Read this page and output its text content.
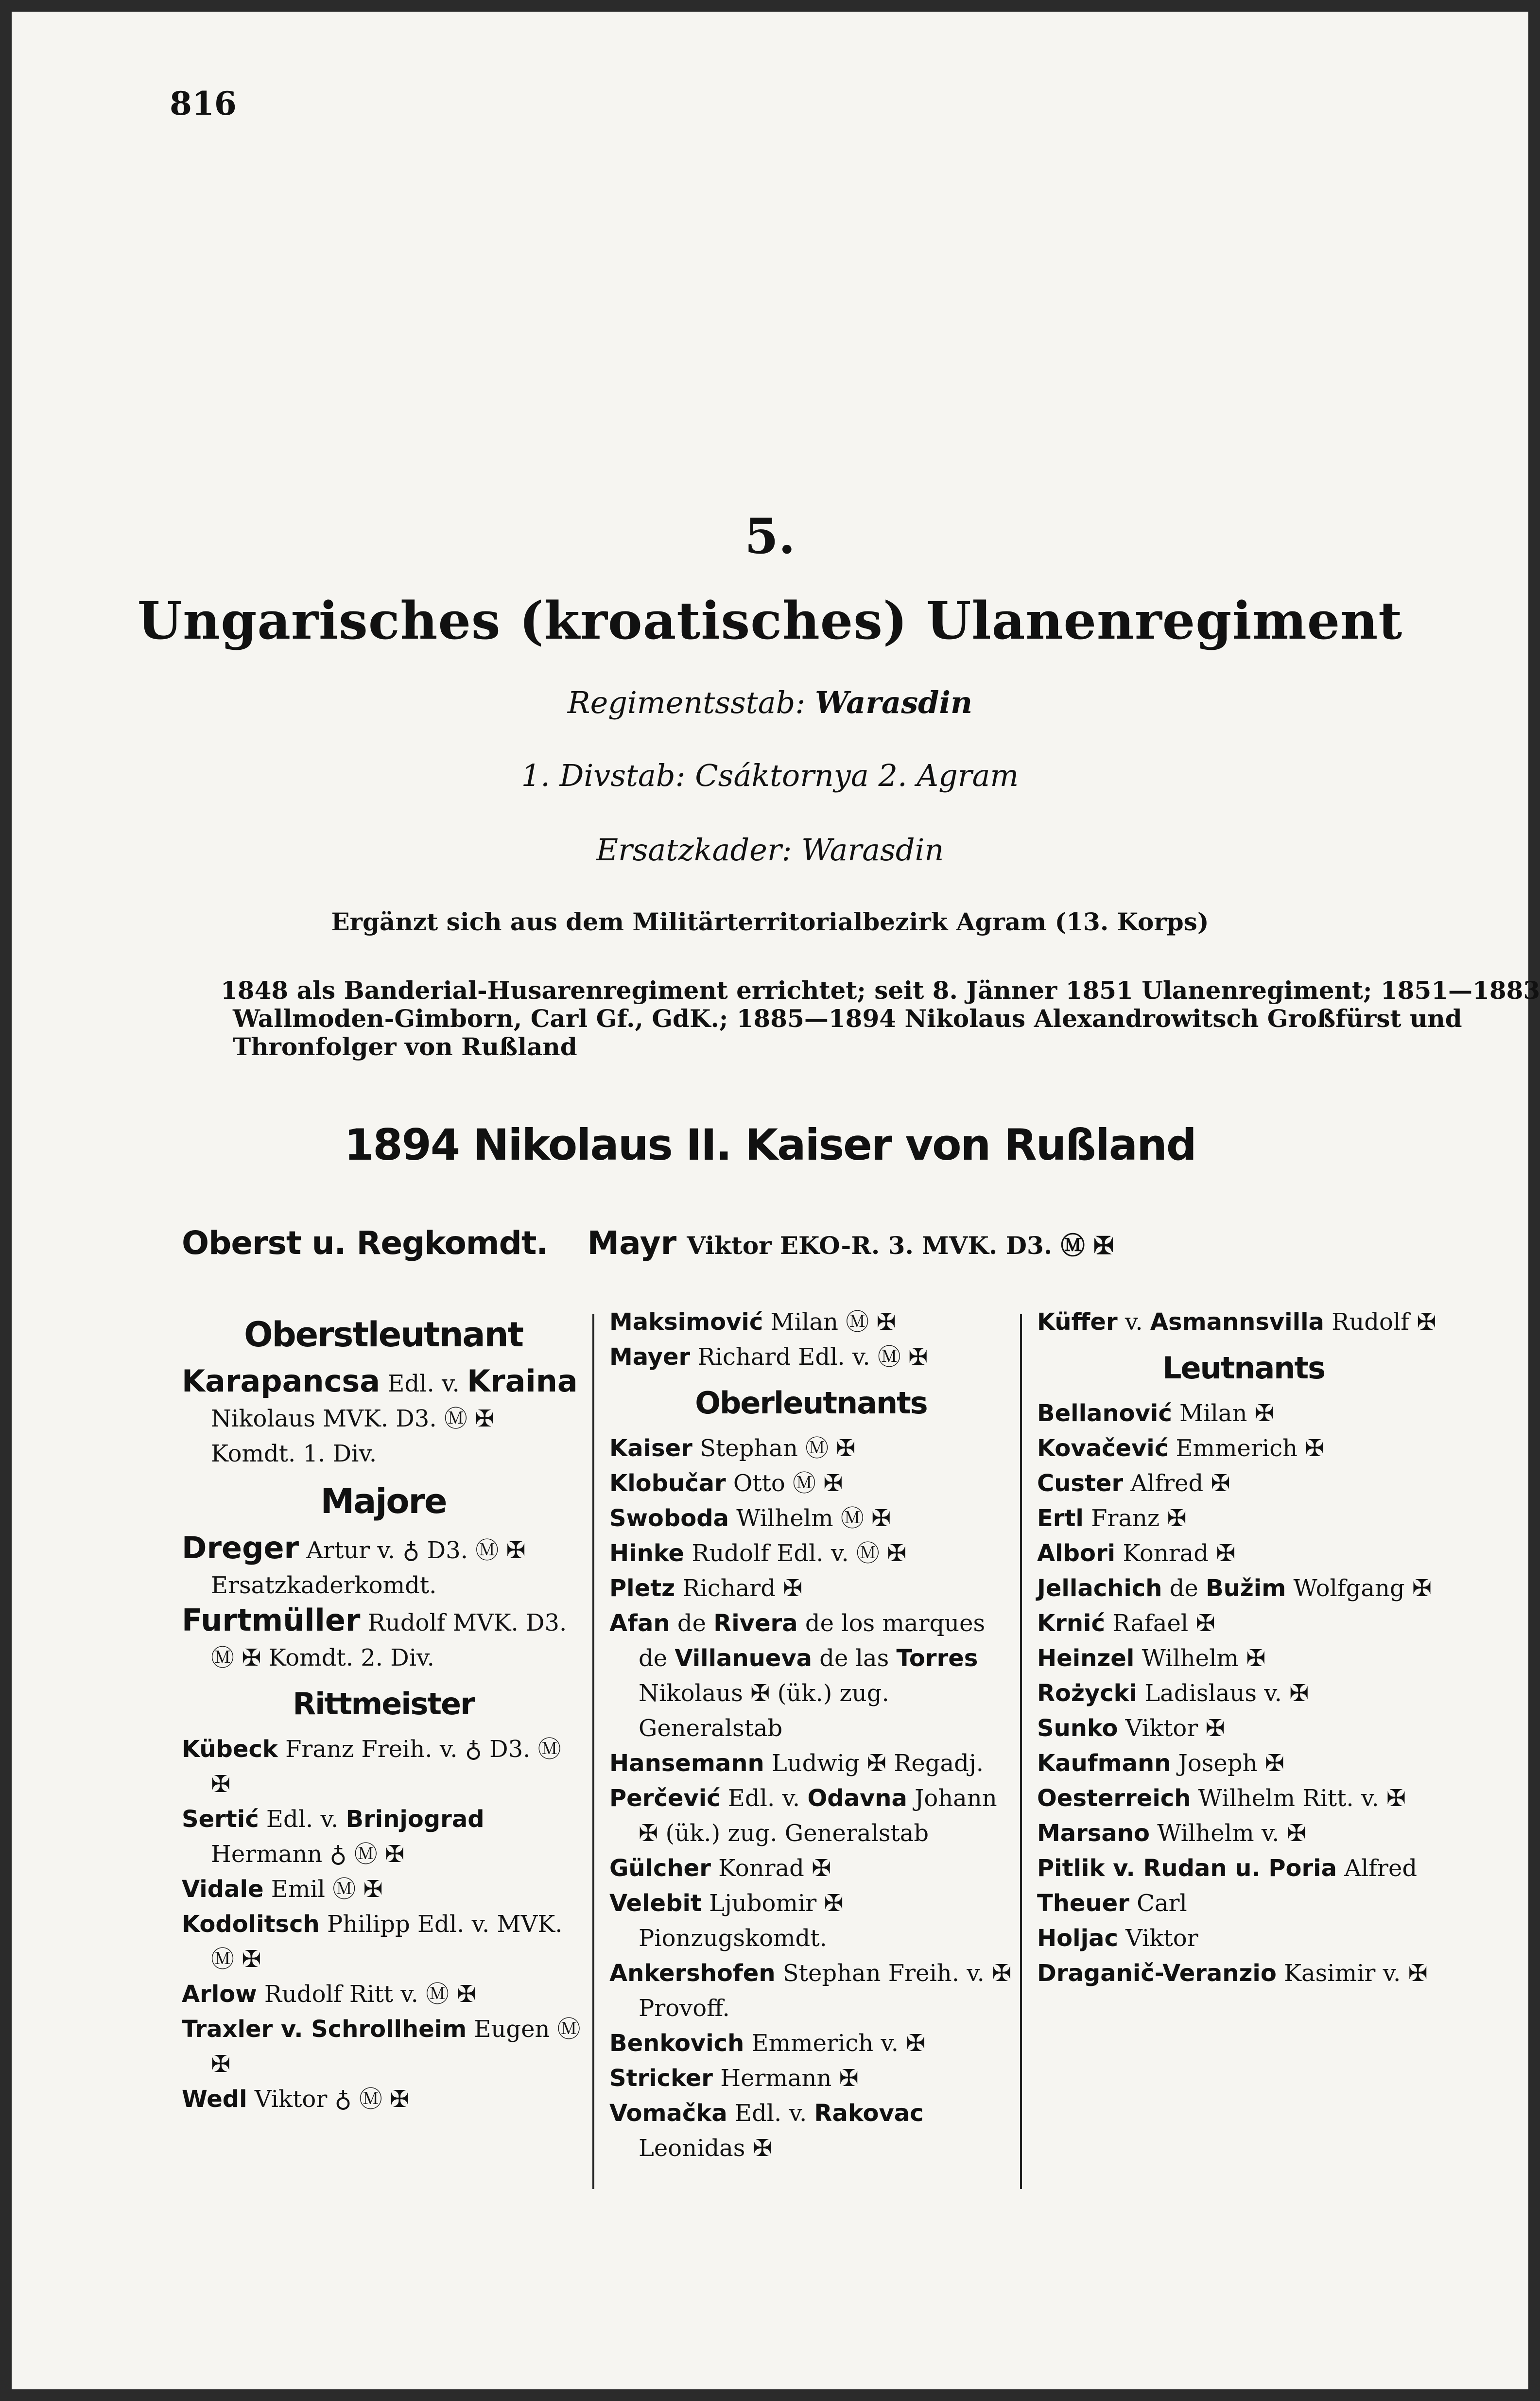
816
5.
Ungarisches (kroatisches) Ulanenregiment
Regimentsstab: Warasdin
1. Divstab: Csáktornya 2. Agram
Ersatzkader: Warasdin
Ergänzt sich aus dem Militärterritorialbezirk Agram (13. Korps)
1848 als Banderial-Husarenregiment errichtet; seit 8. Jänner 1851 Ulanenregiment; 1851—1883
Wallmoden-Gimborn, Carl Gf., GdK.; 1885—1894 Nikolaus Alexandrowitsch Großfürst und
Thronfolger von Rußland
1894 Nikolaus II. Kaiser von Rußland
Oberst u. Regkomdt. Mayr Viktor EKO-R. 3. MVK. D3. Ⓜ ✠
Oberstleutnant
Karapancsa Edl. v. Kraina
Nikolaus MVK. D3. Ⓜ ✠
Komdt. 1. Div.
Majore
Dreger Artur v. ♁ D3. Ⓜ ✠ Ersatzkaderkomdt.
Furtmüller Rudolf MVK. D3. Ⓜ ✠ Komdt. 2. Div.
Rittmeister
Kübeck Franz Freih. v. ♁ D3. Ⓜ ✠
Sertić Edl. v. Brinjograd Hermann ♁ Ⓜ ✠
Vidale Emil Ⓜ ✠
Kodolitsch Philipp Edl. v. MVK. Ⓜ ✠
Arlow Rudolf Ritt v. Ⓜ ✠
Traxler v. Schrollheim Eugen Ⓜ ✠
Wedl Viktor ♁ Ⓜ ✠
Maksimović Milan Ⓜ ✠
Mayer Richard Edl. v. Ⓜ ✠
Oberleutnants
Kaiser Stephan Ⓜ ✠
Klobučar Otto Ⓜ ✠
Swoboda Wilhelm Ⓜ ✠
Hinke Rudolf Edl. v. Ⓜ ✠
Pletz Richard ✠
Afan de Rivera de los marques de Villanueva de las Torres Nikolaus ✠ (ük.) zug. Generalstab
Hansemann Ludwig ✠ Regadj.
Perčević Edl. v. Odavna Johann ✠ (ük.) zug. Generalstab
Gülcher Konrad ✠
Velebit Ljubomir ✠ Pionzugskomdt.
Ankershofen Stephan Freih. v. ✠ Provoff.
Benkovich Emmerich v. ✠
Stricker Hermann ✠
Vomačka Edl. v. Rakovac Leonidas ✠
Küffer v. Asmannsvilla Rudolf ✠
Leutnants
Bellanović Milan ✠
Kovačević Emmerich ✠
Custer Alfred ✠
Ertl Franz ✠
Albori Konrad ✠
Jellachich de Bužim Wolfgang ✠
Krnić Rafael ✠
Heinzel Wilhelm ✠
Rożycki Ladislaus v. ✠
Sunko Viktor ✠
Kaufmann Joseph ✠
Oesterreich Wilhelm Ritt. v. ✠
Marsano Wilhelm v. ✠
Pitlik v. Rudan u. Poria Alfred
Theuer Carl
Holjac Viktor
Draganič-Veranzio Kasimir v. ✠
